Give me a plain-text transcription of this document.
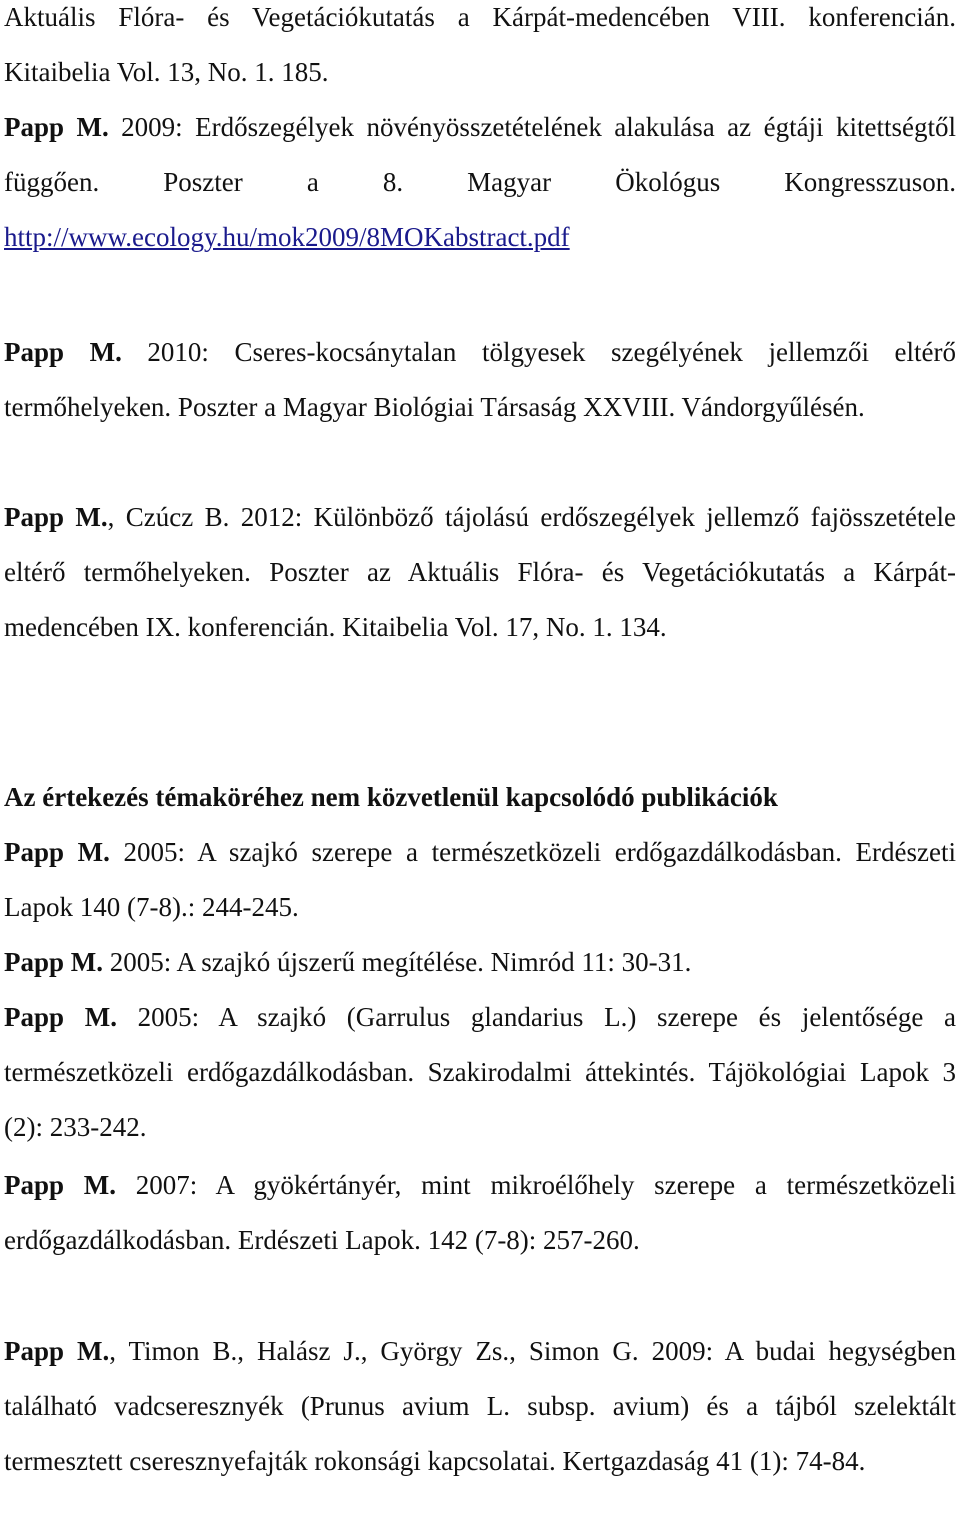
Aktuális Flóra- és Vegetációkutatás a Kárpát-medencében VIII. konferencián. Kitaibelia Vol. 13, No. 1. 185.

Papp M. 2009: Erdőszegélyek növényösszetételének alakulása az égtáji kitettségtől függően. Poszter a 8. Magyar Ökológus Kongresszuson. http://www.ecology.hu/mok2009/8MOKabstract.pdf

Papp M. 2010: Cseres-kocsánytalan tölgyesek szegélyének jellemzői eltérő termőhelyeken. Poszter a Magyar Biológiai Társaság XXVIII. Vándorgyűlésén.

Papp M., Czúcz B. 2012: Különböző tájolású erdőszegélyek jellemző fajösszetétele eltérő termőhelyeken. Poszter az Aktuális Flóra- és Vegetációkutatás a Kárpát-medencében IX. konferencián. Kitaibelia Vol. 17, No. 1. 134.

Az értekezés témaköréhez nem közvetlenül kapcsolódó publikációk

Papp M. 2005: A szajkó szerepe a természetközeli erdőgazdálkodásban. Erdészeti Lapok 140 (7-8).: 244-245.

Papp M. 2005: A szajkó újszerű megítélése. Nimród 11: 30-31.

Papp M. 2005: A szajkó (Garrulus glandarius L.) szerepe és jelentősége a természetközeli erdőgazdálkodásban. Szakirodalmi áttekintés. Tájökológiai Lapok 3 (2): 233-242.

Papp M. 2007: A gyökértányér, mint mikroélőhely szerepe a természetközeli erdőgazdálkodásban. Erdészeti Lapok. 142 (7-8): 257-260.

Papp M., Timon B., Halász J., György Zs., Simon G. 2009: A budai hegységben található vadcseresznyék (Prunus avium L. subsp. avium) és a tájból szelektált termesztett cseresznyefajták rokonsági kapcsolatai. Kertgazdaság 41 (1): 74-84.
